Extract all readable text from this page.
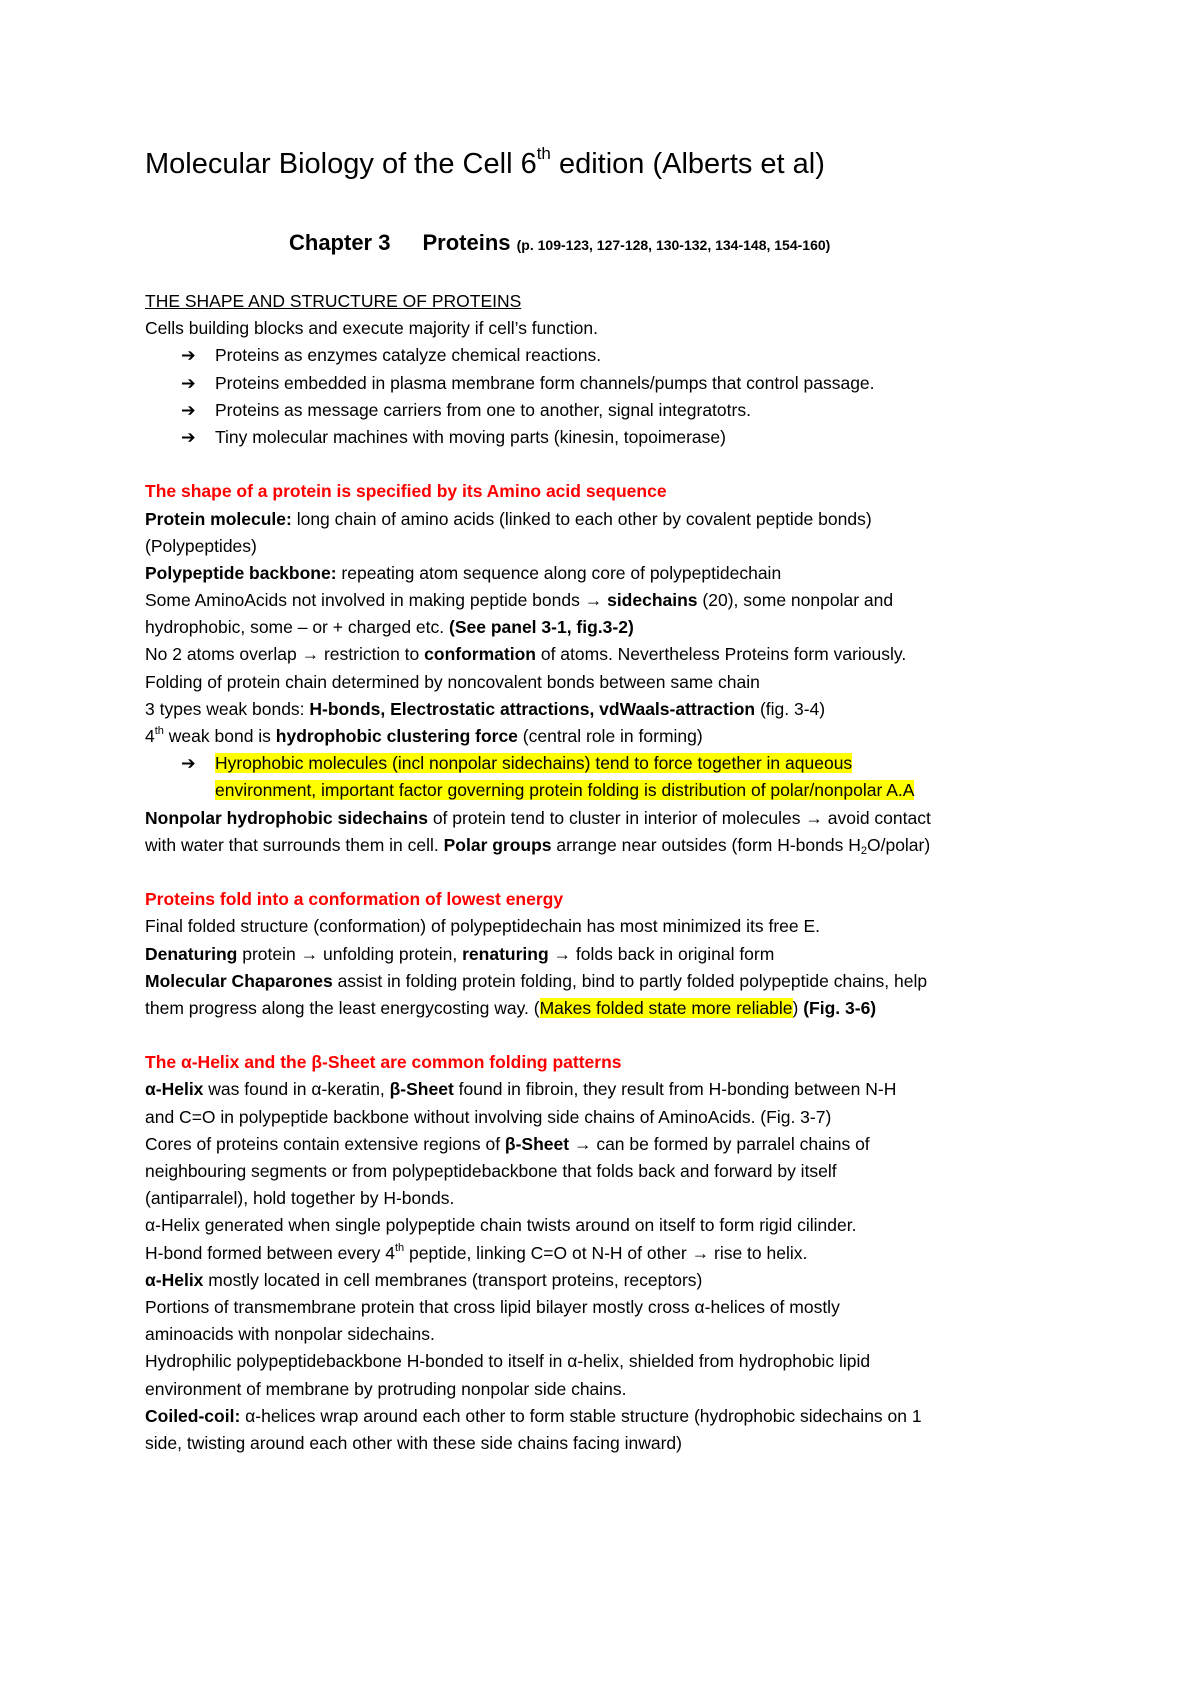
Molecular Biology of the Cell 6th edition (Alberts et al)
Chapter 3 Proteins (p. 109-123, 127-128, 130-132, 134-148, 154-160)
THE SHAPE AND STRUCTURE OF PROTEINS
Cells building blocks and execute majority if cell’s function.
➔ Proteins as enzymes catalyze chemical reactions.
➔ Proteins embedded in plasma membrane form channels/pumps that control passage.
➔ Proteins as message carriers from one to another, signal integratotrs.
➔ Tiny molecular machines with moving parts (kinesin, topoimerase)
The shape of a protein is specified by its Amino acid sequence
Protein molecule: long chain of amino acids (linked to each other by covalent peptide bonds)
(Polypeptides)
Polypeptide backbone: repeating atom sequence along core of polypeptidechain
Some AminoAcids not involved in making peptide bonds → sidechains (20), some nonpolar and
hydrophobic, some – or + charged etc. (See panel 3-1, fig.3-2)
No 2 atoms overlap → restriction to conformation of atoms. Nevertheless Proteins form variously.
Folding of protein chain determined by noncovalent bonds between same chain
3 types weak bonds: H-bonds, Electrostatic attractions, vdWaals-attraction (fig. 3-4)
4th weak bond is hydrophobic clustering force (central role in forming)
➔ Hyrophobic molecules (incl nonpolar sidechains) tend to force together in aqueous
environment, important factor governing protein folding is distribution of polar/nonpolar A.A
Nonpolar hydrophobic sidechains of protein tend to cluster in interior of molecules → avoid contact
with water that surrounds them in cell. Polar groups arrange near outsides (form H-bonds $H_2O/polar$)
Proteins fold into a conformation of lowest energy
Final folded structure (conformation) of polypeptidechain has most minimized its free E.
Denaturing protein → unfolding protein, renaturing → folds back in original form
Molecular Chaparones assist in folding protein folding, bind to partly folded polypeptide chains, help
them progress along the least energycosting way. (Makes folded state more reliable) (Fig. 3-6)
The α-Helix and the β-Sheet are common folding patterns
α-Helix was found in α-keratin, β-Sheet found in fibroin, they result from H-bonding between N-H
and C=O in polypeptide backbone without involving side chains of AminoAcids. (Fig. 3-7)
Cores of proteins contain extensive regions of β-Sheet → can be formed by parralel chains of
neighbouring segments or from polypeptidebackbone that folds back and forward by itself
(antiparralel), hold together by H-bonds.
α-Helix generated when single polypeptide chain twists around on itself to form rigid cilinder.
H-bond formed between every 4th peptide, linking C=O ot N-H of other → rise to helix.
α-Helix mostly located in cell membranes (transport proteins, receptors)
Portions of transmembrane protein that cross lipid bilayer mostly cross α-helices of mostly
aminoacids with nonpolar sidechains.
Hydrophilic polypeptidebackbone H-bonded to itself in α-helix, shielded from hydrophobic lipid
environment of membrane by protruding nonpolar side chains.
Coiled-coil: α-helices wrap around each other to form stable structure (hydrophobic sidechains on 1
side, twisting around each other with these side chains facing inward)
